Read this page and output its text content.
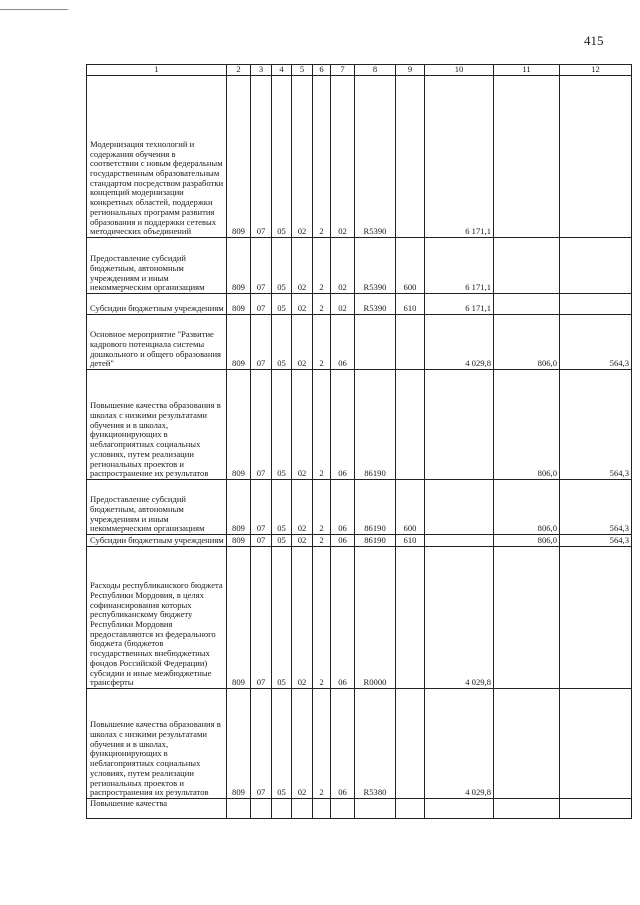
415
1	2	3	4	5	6	7	8	9	10	11	12
Модернизация технологий и содержания обучения в соответствии с новым федеральным государственным образовательным стандартом посредством разработки концепций модернизации конкретных областей, поддержки региональных программ развития образования и поддержки сетевых методических объединений	809	07	05	02	2	02	R5390		6 171,1		
Предоставление субсидий бюджетным, автономным учреждениям и иным некоммерческим организациям	809	07	05	02	2	02	R5390	600	6 171,1		
Субсидии бюджетным учреждениям	809	07	05	02	2	02	R5390	610	6 171,1		
Основное мероприятие "Развитие кадрового потенциала системы дошкольного и общего образования детей"	809	07	05	02	2	06			4 029,8	806,0	564,3
Повышение качества образования в школах с низкими результатами обучения и в школах, функционирующих в неблагоприятных социальных условиях, путем реализации региональных проектов и распространение их результатов	809	07	05	02	2	06	86190			806,0	564,3
Предоставление субсидий бюджетным, автономным учреждениям и иным некоммерческим организациям	809	07	05	02	2	06	86190	600		806,0	564,3
Субсидии бюджетным учреждениям	809	07	05	02	2	06	86190	610		806,0	564,3
Расходы республиканского бюджета Республики Мордовия, в целях софинансирования которых республиканскому бюджету Республики Мордовия предоставляются из федерального бюджета (бюджетов государственных внебюджетных фондов Российской Федерации) субсидии и иные межбюджетные трансферты	809	07	05	02	2	06	R0000		4 029,8		
Повышение качества образования в школах с низкими результатами обучения и в школах, функционирующих в неблагоприятных социальных условиях, путем реализации региональных проектов и распространения их результатов	809	07	05	02	2	06	R5380		4 029,8		
Повышение качества											
